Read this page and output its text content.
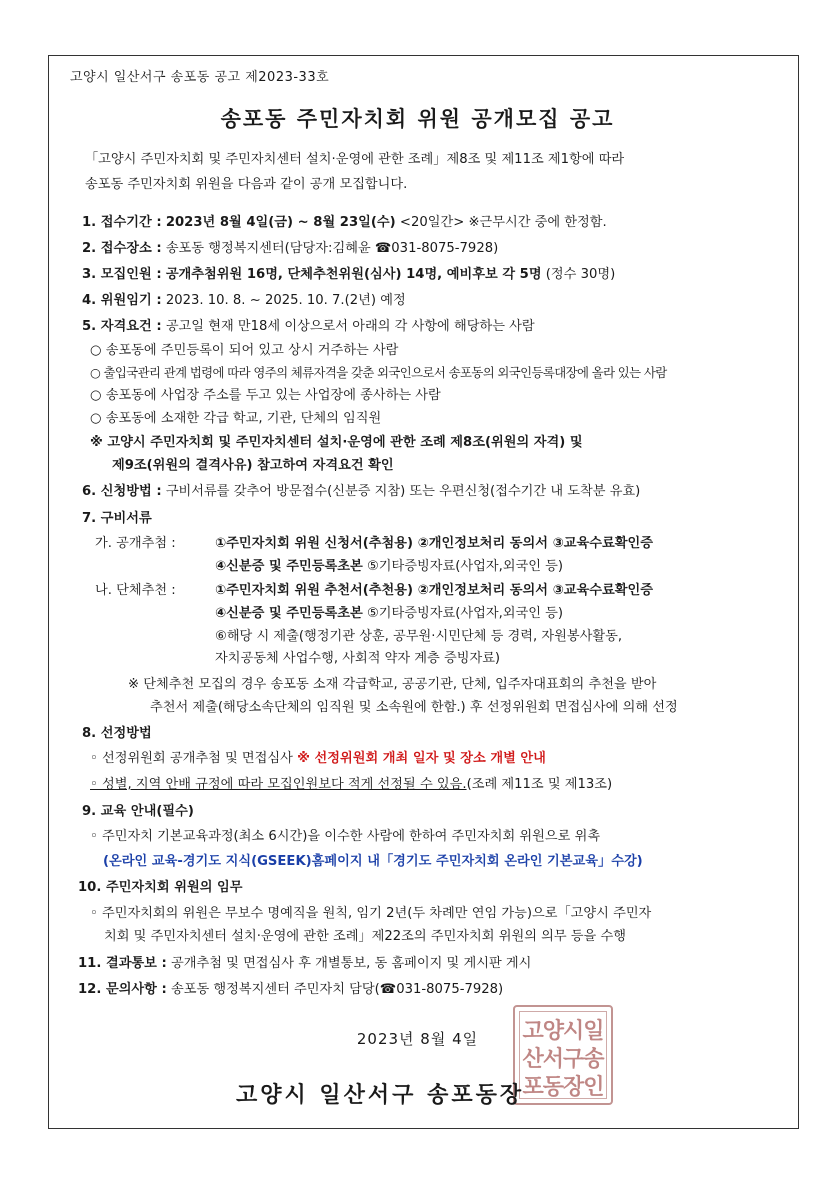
고양시 일산서구 송포동 공고 제2023-33호
송포동 주민자치회 위원 공개모집 공고
「고양시 주민자치회 및 주민자치센터 설치·운영에 관한 조례」제8조 및 제11조 제1항에 따라
송포동 주민자치회 위원을 다음과 같이 공개 모집합니다.
1. 접수기간 : 2023년 8월 4일(금) ~ 8월 23일(수) <20일간> ※근무시간 중에 한정함.
2. 접수장소 : 송포동 행정복지센터(담당자:김혜윤 ☎031-8075-7928)
3. 모집인원 : 공개추첨위원 16명, 단체추천위원(심사) 14명, 예비후보 각 5명 (정수 30명)
4. 위원임기 : 2023. 10. 8. ~ 2025. 10. 7.(2년) 예정
5. 자격요건 : 공고일 현재 만18세 이상으로서 아래의 각 사항에 해당하는 사람
○ 송포동에 주민등록이 되어 있고 상시 거주하는 사람
○ 출입국관리 관계 법령에 따라 영주의 체류자격을 갖춘 외국인으로서 송포동의 외국인등록대장에 올라 있는 사람
○ 송포동에 사업장 주소를 두고 있는 사업장에 종사하는 사람
○ 송포동에 소재한 각급 학교, 기관, 단체의 임직원
※ 고양시 주민자치회 및 주민자치센터 설치·운영에 관한 조례 제8조(위원의 자격) 및
제9조(위원의 결격사유) 참고하여 자격요건 확인
6. 신청방법 : 구비서류를 갖추어 방문접수(신분증 지참) 또는 우편신청(접수기간 내 도착분 유효)
7. 구비서류
가. 공개추첨 :	①주민자치회 위원 신청서(추첨용) ②개인정보처리 동의서 ③교육수료확인증
④신분증 및 주민등록초본 ⑤기타증빙자료(사업자,외국인 등)
나. 단체추천 :	①주민자치회 위원 추천서(추천용) ②개인정보처리 동의서 ③교육수료확인증
④신분증 및 주민등록초본 ⑤기타증빙자료(사업자,외국인 등)
⑥해당 시 제출(행정기관 상훈, 공무원·시민단체 등 경력, 자원봉사활동,
자치공동체 사업수행, 사회적 약자 계층 증빙자료)
※ 단체추천 모집의 경우 송포동 소재 각급학교, 공공기관, 단체, 입주자대표회의 추천을 받아
추천서 제출(해당소속단체의 임직원 및 소속원에 한함.) 후 선정위원회 면접심사에 의해 선정
8. 선정방법
◦ 선정위원회 공개추첨 및 면접심사 ※ 선정위원회 개최 일자 및 장소 개별 안내
◦ 성별, 지역 안배 규정에 따라 모집인원보다 적게 선정될 수 있음.(조례 제11조 및 제13조)
9. 교육 안내(필수)
◦ 주민자치 기본교육과정(최소 6시간)을 이수한 사람에 한하여 주민자치회 위원으로 위촉
(온라인 교육-경기도 지식(GSEEK)홈페이지 내「경기도 주민자치회 온라인 기본교육」수강)
10. 주민자치회 위원의 임무
◦ 주민자치회의 위원은 무보수 명예직을 원칙, 임기 2년(두 차례만 연임 가능)으로「고양시 주민자
치회 및 주민자치센터 설치·운영에 관한 조례」제22조의 주민자치회 위원의 의무 등을 수행
11. 결과통보 : 공개추첨 및 면접심사 후 개별통보, 동 홈페이지 및 게시판 게시
12. 문의사항 : 송포동 행정복지센터 주민자치 담당(☎031-8075-7928)
2023년 8월 4일	고양시일
산서구송
포동장인
고양시 일산서구 송포동장
